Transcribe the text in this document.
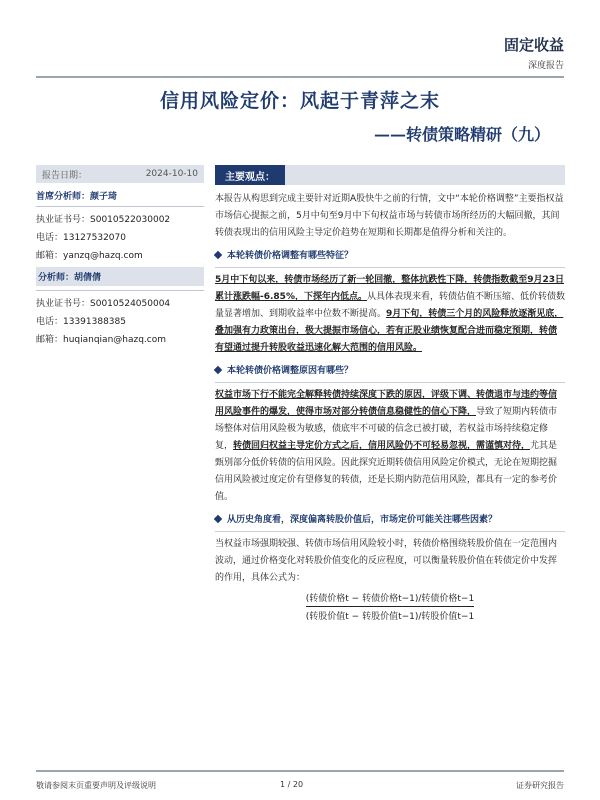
固定收益
深度报告
信用风险定价：风起于青萍之末
——转债策略精研（九）
报告日期：	2024-10-10
首席分析师：颜子琦
执业证书号：S0010522030002
电话：13127532070
邮箱：yanzq@hazq.com
分析师：胡倩倩
执业证书号：S0010524050004
电话：13391388385
邮箱：huqianqian@hazq.com
主要观点：
本报告从构思到完成主要针对近期A股快牛之前的行情，文中“本轮价格调整”主要指权益市场信心提振之前，5月中旬至9月中下旬权益市场与转债市场所经历的大幅回撤，其间转债表现出的信用风险主导定价趋势在短期和长期都是值得分析和关注的。
本轮转债价格调整有哪些特征？
5月中下旬以来，转债市场经历了新一轮回撤，整体抗跌性下降，转债指数截至9月23日累计涨跌幅-6.85%，下探年内低点。从具体表现来看，转债估值不断压缩、低价转债数量显著增加、到期收益率中位数不断提高。9月下旬，转债三个月的风险释放逐渐见底，叠加强有力政策出台，极大提振市场信心，若有正股业绩恢复配合进而稳定预期，转债有望通过提升转股收益迅速化解大范围的信用风险。
本轮转债价格调整原因有哪些？
权益市场下行不能完全解释转债持续深度下跌的原因，评级下调、转债退市与违约等信用风险事件的爆发，使得市场对部分转债信息稳健性的信心下降，导致了短期内转债市场整体对信用风险极为敏感，债底牢不可破的信念已被打破，若权益市场持续稳定修复，转债回归权益主导定价方式之后，信用风险仍不可轻易忽视，需谨慎对待，尤其是甄别部分低价转债的信用风险。因此探究近期转债信用风险定价模式，无论在短期挖掘信用风险被过度定价有望修复的转债，还是长期内防范信用风险，都具有一定的参考价值。
从历史角度看，深度偏离转股价值后，市场定价可能关注哪些因素？
当权益市场强期较强、转债市场信用风险较小时，转债价格围绕转股价值在一定范围内波动，通过价格变化对转股价值变化的反应程度，可以衡量转股价值在转债定价中发挥的作用，具体公式为：
(转债价格t − 转债价格t−1)/转债价格t−1
(转股价值t − 转股价值t−1)/转股价值t−1
敬请参阅末页重要声明及评级说明	1 / 20	证券研究报告
